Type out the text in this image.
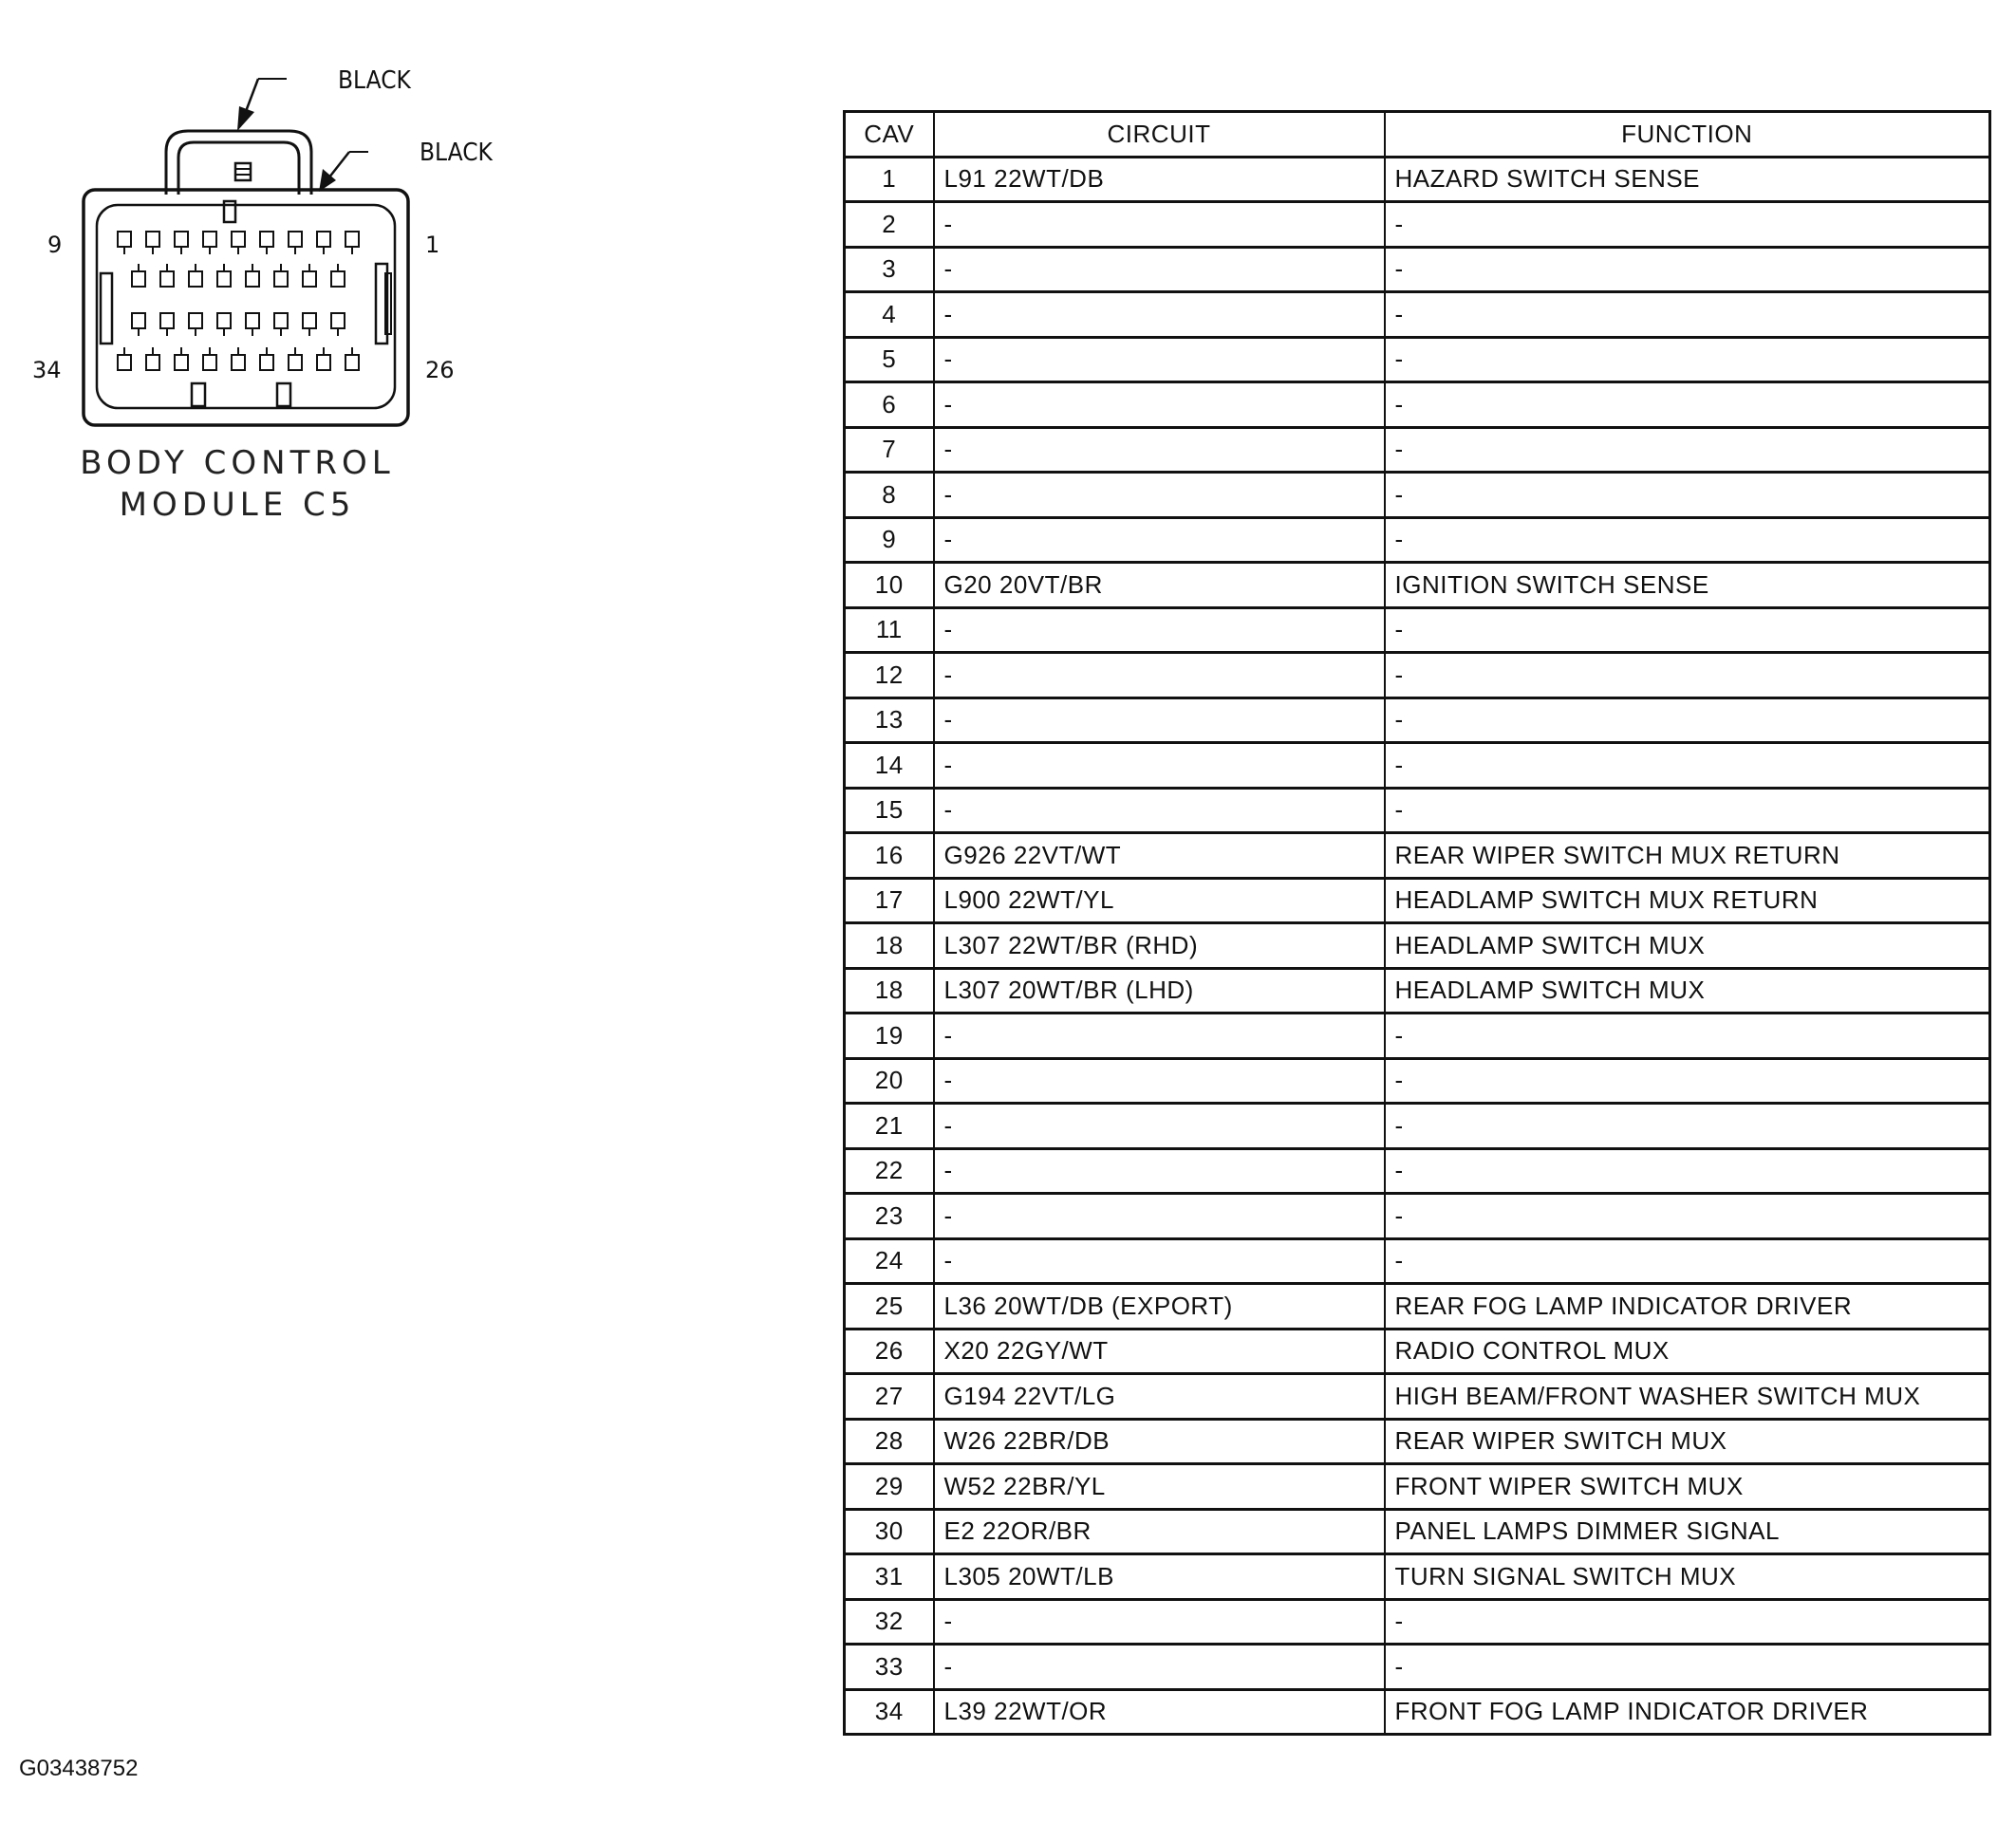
BLACK
BLACK
9	1
34	26
BODY CONTROL
MODULE C5
CAV	CIRCUIT	FUNCTION
1	L91 22WT/DB	HAZARD SWITCH SENSE
2	-	-
3	-	-
4	-	-
5	-	-
6	-	-
7	-	-
8	-	-
9	-	-
10	G20 20VT/BR	IGNITION SWITCH SENSE
11	-	-
12	-	-
13	-	-
14	-	-
15	-	-
16	G926 22VT/WT	REAR WIPER SWITCH MUX RETURN
17	L900 22WT/YL	HEADLAMP SWITCH MUX RETURN
18	L307 22WT/BR (RHD)	HEADLAMP SWITCH MUX
18	L307 20WT/BR (LHD)	HEADLAMP SWITCH MUX
19	-	-
20	-	-
21	-	-
22	-	-
23	-	-
24	-	-
25	L36 20WT/DB (EXPORT)	REAR FOG LAMP INDICATOR DRIVER
26	X20 22GY/WT	RADIO CONTROL MUX
27	G194 22VT/LG	HIGH BEAM/FRONT WASHER SWITCH MUX
28	W26 22BR/DB	REAR WIPER SWITCH MUX
29	W52 22BR/YL	FRONT WIPER SWITCH MUX
30	E2 22OR/BR	PANEL LAMPS DIMMER SIGNAL
31	L305 20WT/LB	TURN SIGNAL SWITCH MUX
32	-	-
33	-	-
34	L39 22WT/OR	FRONT FOG LAMP INDICATOR DRIVER
G03438752
